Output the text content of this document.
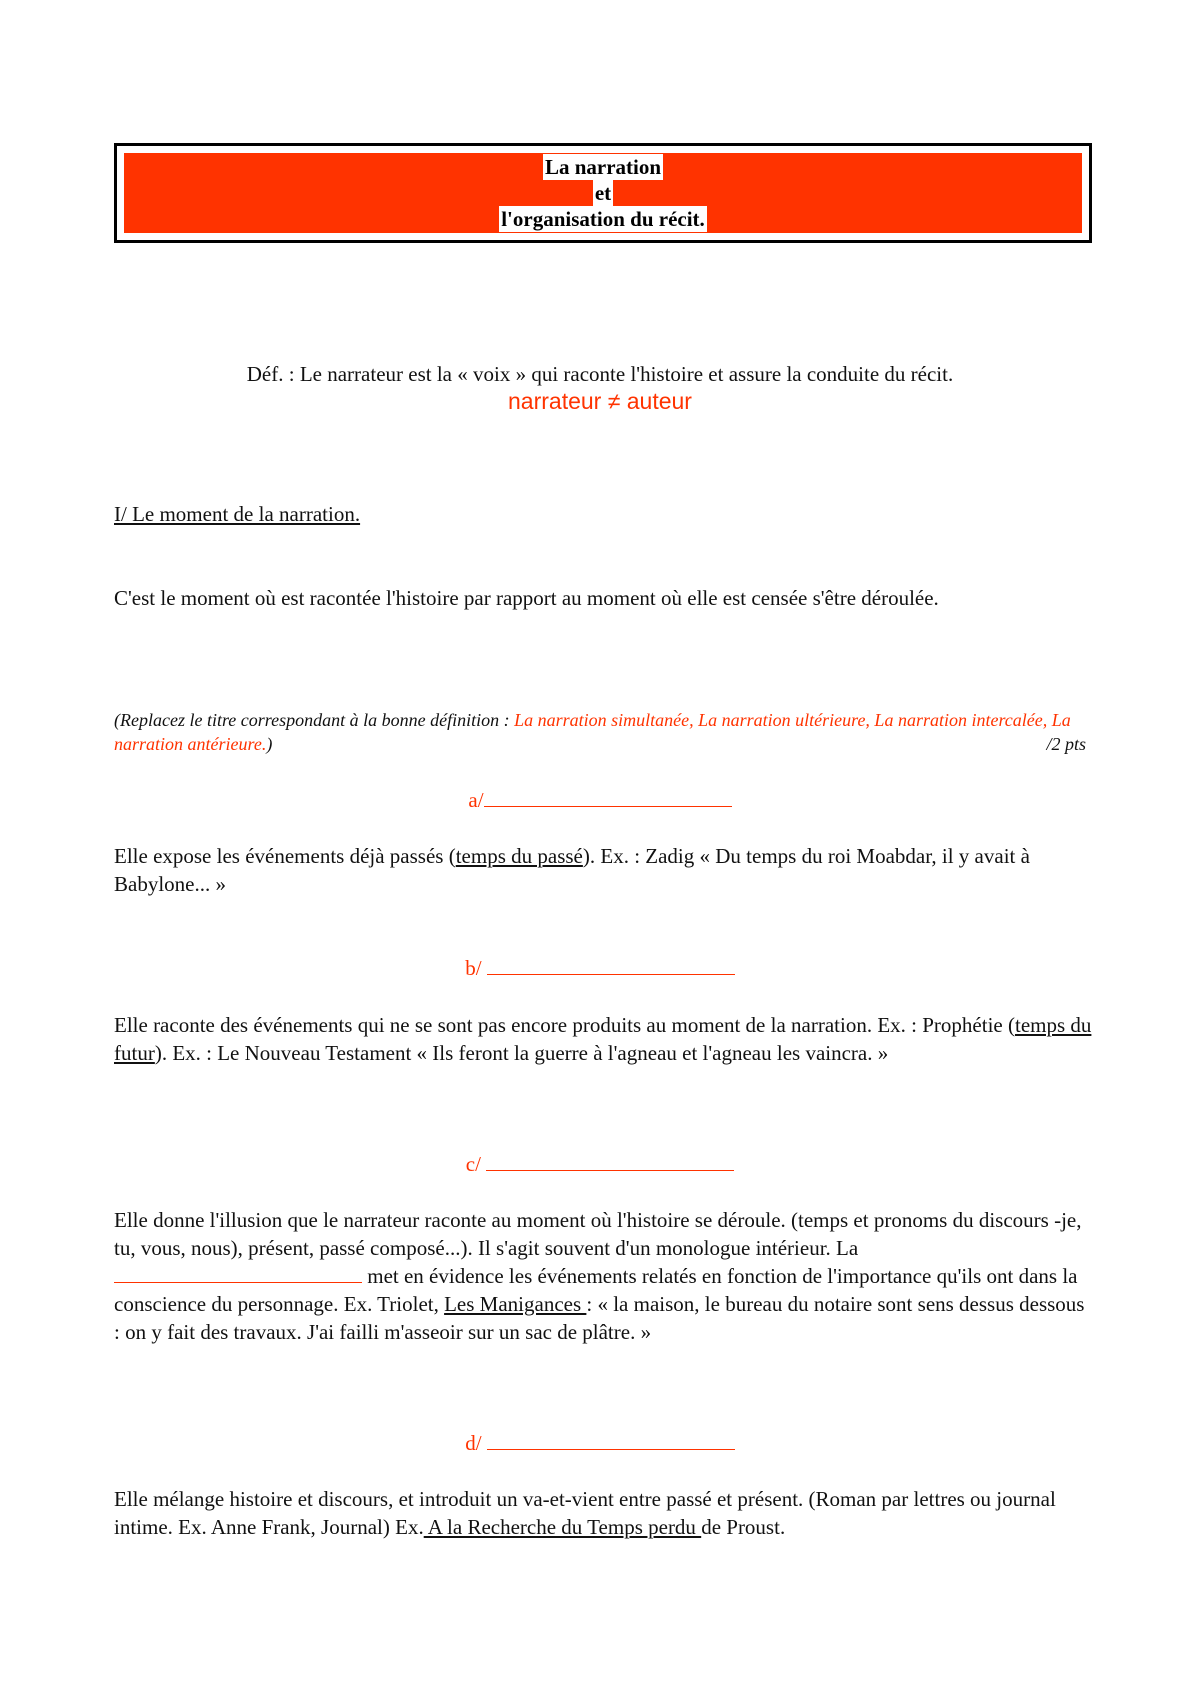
La narration
et
l'organisation du récit.
Déf. : Le narrateur est la « voix » qui raconte l'histoire et assure la conduite du récit.
narrateur ≠ auteur
I/ Le moment de la narration.
C'est le moment où est racontée l'histoire par rapport au moment où elle est censée s'être déroulée.
(Replacez le titre correspondant à la bonne définition : La narration simultanée, La narration ultérieure, La narration intercalée, La narration antérieure.)	/2 pts
a/
Elle expose les événements déjà passés (temps du passé). Ex. : Zadig « Du temps du roi Moabdar, il y avait à Babylone... »
b/
Elle raconte des événements qui ne se sont pas encore produits au moment de la narration. Ex. : Prophétie (temps du futur). Ex. : Le Nouveau Testament « Ils feront la guerre à l'agneau et l'agneau les vaincra. »
c/
Elle donne l'illusion que le narrateur raconte au moment où l'histoire se déroule. (temps et pronoms du discours -je, tu, vous, nous), présent, passé composé...). Il s'agit souvent d'un monologue intérieur. La  met en évidence les événements relatés en fonction de l'importance qu'ils ont dans la conscience du personnage. Ex. Triolet, Les Manigances : « la maison, le bureau du notaire sont sens dessus dessous : on y fait des travaux. J'ai failli m'asseoir sur un sac de plâtre. »
d/
Elle mélange histoire et discours, et introduit un va-et-vient entre passé et présent. (Roman par lettres ou journal intime. Ex. Anne Frank, Journal) Ex. A la Recherche du Temps perdu de Proust.
